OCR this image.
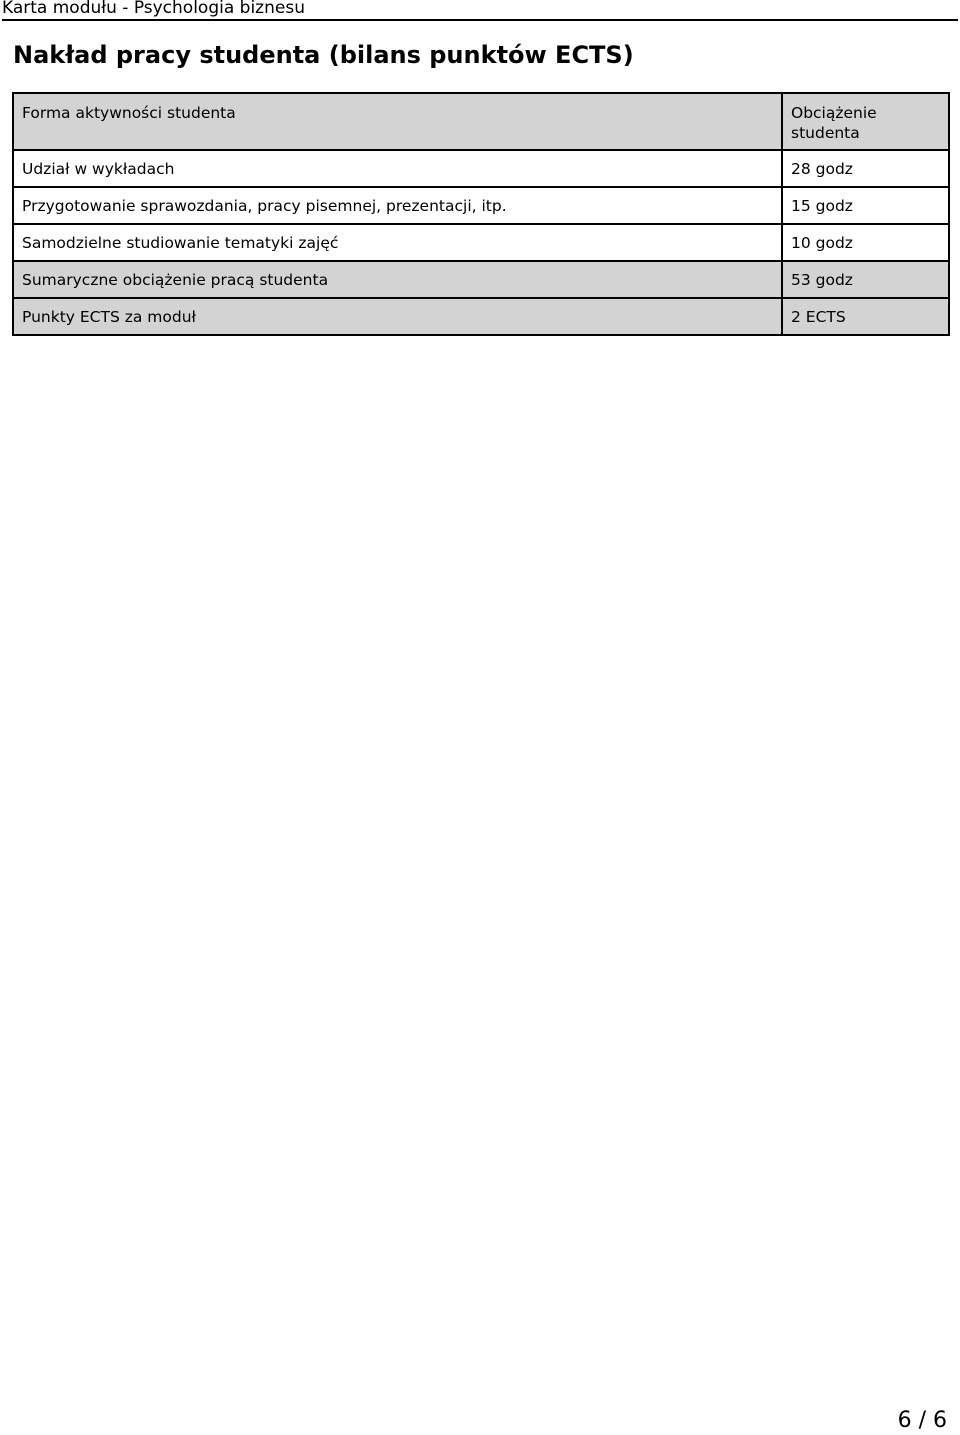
Karta modułu - Psychologia biznesu
Nakład pracy studenta (bilans punktów ECTS)
Forma aktywności studenta	Obciążenie studenta
Udział w wykładach	28 godz
Przygotowanie sprawozdania, pracy pisemnej, prezentacji, itp.	15 godz
Samodzielne studiowanie tematyki zajęć	10 godz
Sumaryczne obciążenie pracą studenta	53 godz
Punkty ECTS za moduł	2 ECTS
6 / 6
